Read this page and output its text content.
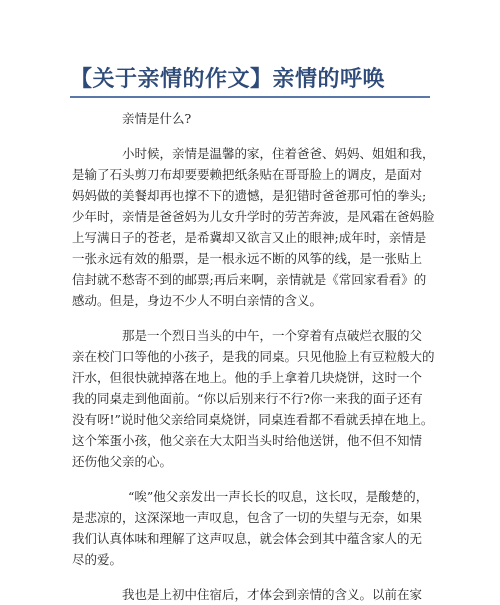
【关于亲情的作文】亲情的呼唤
亲情是什么?
小时候，亲情是温馨的家，住着爸爸、妈妈、姐姐和我，
是输了石头剪刀布却要要赖把纸条贴在哥哥脸上的调皮，是面对
妈妈做的美餐却再也撑不下的遗憾，是犯错时爸爸那可怕的拳头;
少年时，亲情是爸爸妈为儿女升学时的劳苦奔波，是风霜在爸妈脸
上写满日子的苍老，是希冀却又欲言又止的眼神;成年时，亲情是
一张永远有效的船票，是一根永远不断的风筝的线，是一张贴上
信封就不愁寄不到的邮票;再后来啊，亲情就是《常回家看看》的
感动。但是，身边不少人不明白亲情的含义。
那是一个烈日当头的中午，一个穿着有点破烂衣服的父
亲在校门口等他的小孩子，是我的同桌。只见他脸上有豆粒般大的
汗水，但很快就掉落在地上。他的手上拿着几块烧饼，这时一个
我的同桌走到他面前。“你以后别来行不行?你一来我的面子还有
没有呀!”说时他父亲给同桌烧饼，同桌连看都不看就丢掉在地上。
这个笨蛋小孩，他父亲在大太阳当头时给他送饼，他不但不知情
还伤他父亲的心。
“唉”他父亲发出一声长长的叹息，这长叹，是酸楚的，
是悲凉的，这深深地一声叹息，包含了一切的失望与无奈，如果
我们认真体味和理解了这声叹息，就会体会到其中蕴含家人的无
尽的爱。
我也是上初中住宿后，才体会到亲情的含义。以前在家
